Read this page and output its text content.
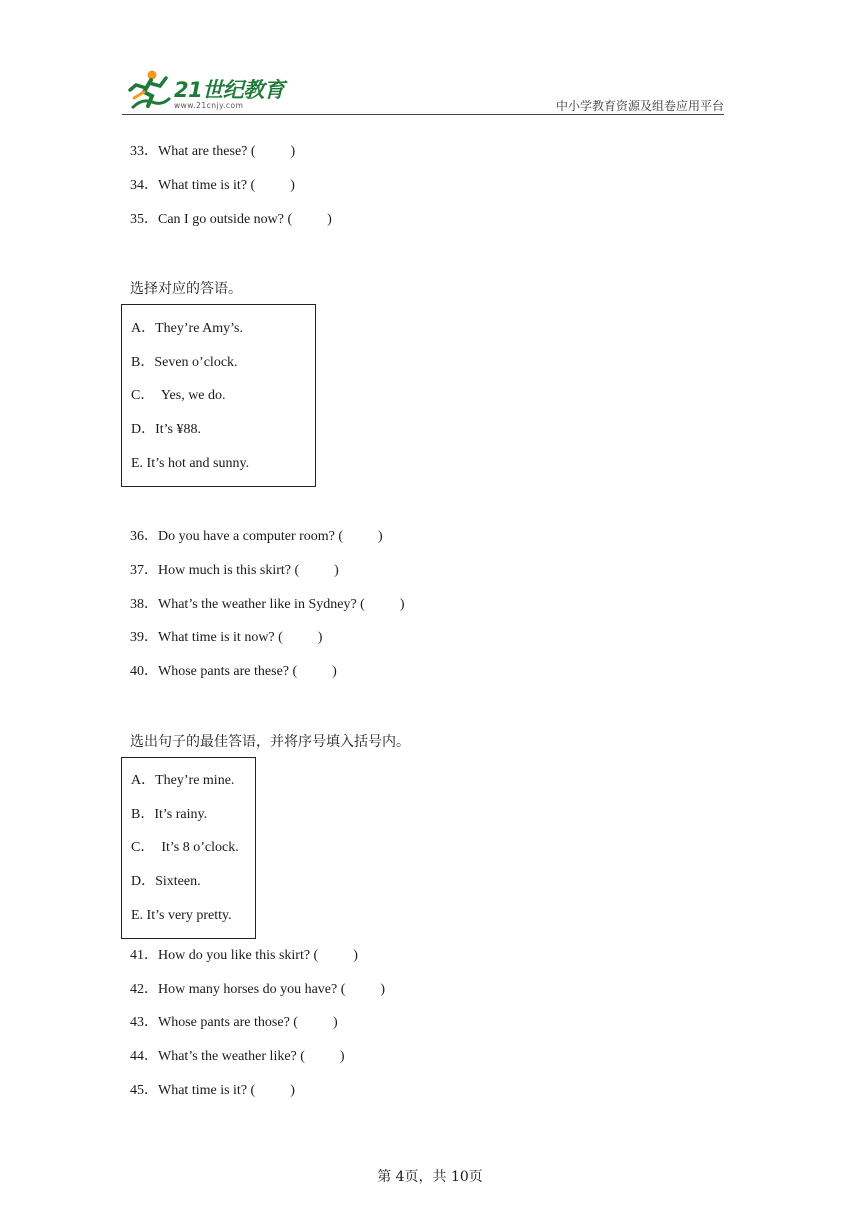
21世纪教育
www.21cnjy.com	中小学教育资源及组卷应用平台
33．What are these? (          )
34．What time is it? (          )
35．Can I go outside now? (          )
选择对应的答语。
A．They’re Amy’s.
B．Seven o’clock.
C．  Yes, we do.
D．It’s ¥88.
E. It’s hot and sunny.
36．Do you have a computer room? (          )
37．How much is this skirt? (          )
38．What’s the weather like in Sydney? (          )
39．What time is it now? (          )
40．Whose pants are these? (          )
选出句子的最佳答语，并将序号填入括号内。
A．They’re mine.
B．It’s rainy.
C．  It’s 8 o’clock.
D．Sixteen.
E. It’s very pretty.
41．How do you like this skirt? (          )
42．How many horses do you have? (          )
43．Whose pants are those? (          )
44．What’s the weather like? (          )
45．What time is it? (          )
第 4页，共 10页
